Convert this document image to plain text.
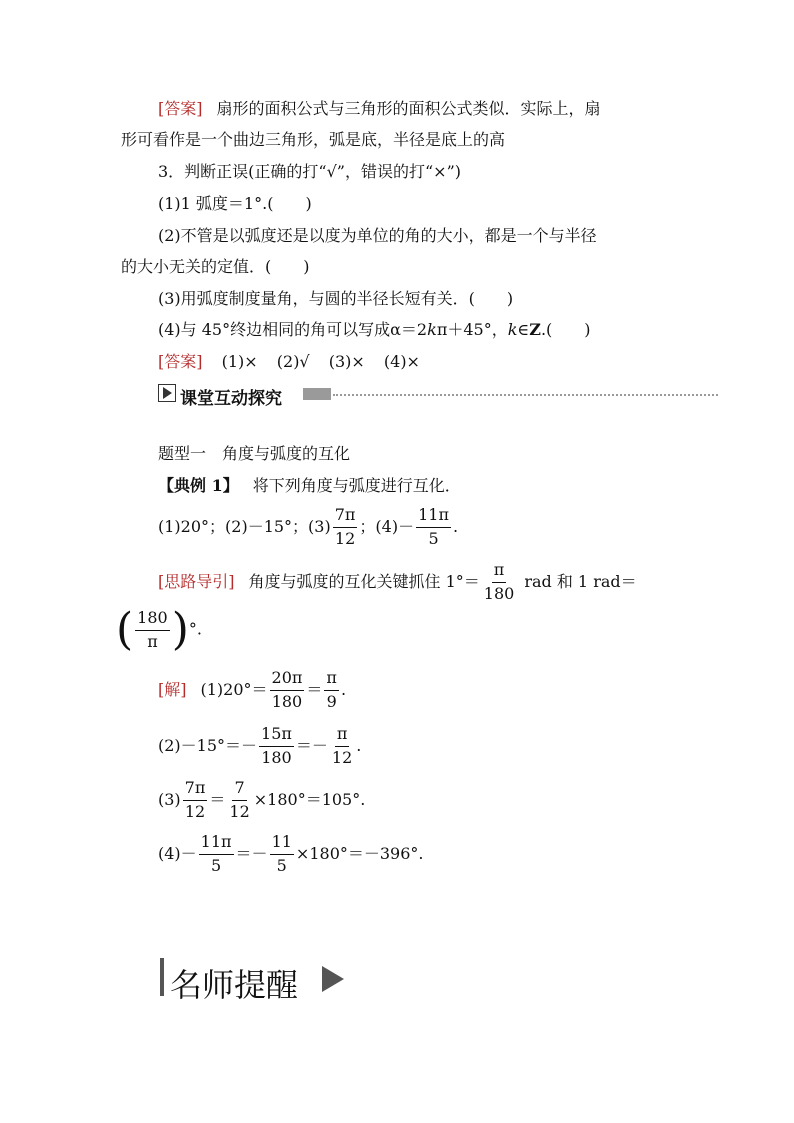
[答案] 扇形的面积公式与三角形的面积公式类似．实际上，扇
形可看作是一个曲边三角形，弧是底，半径是底上的高
3．判断正误(正确的打“√”，错误的打“×”)
(1)1 弧度＝1°.(　　)
(2)不管是以弧度还是以度为单位的角的大小，都是一个与半径
的大小无关的定值．(　　)
(3)用弧度制度量角，与圆的半径长短有关．(　　)
(4)与 45°终边相同的角可以写成α＝2kπ＋45°，k∈Z.(　　)
[答案] (1)× (2)√ (3)× (4)×
课堂互动探究
题型一　角度与弧度的互化
【典例 1】 将下列角度与弧度进行互化．
(1)20°；(2)－15°；$(3) \frac{7\pi}{12}$ ；$(4)- \frac{11\pi}{5}$ .
[思路导引] 角度与弧度的互化关键抓住 $1^\circ= \frac{\pi}{180}$ rad 和 1 rad＝
( $\frac{180}{\pi}$ )°.
[解] $(1)20^\circ= \frac{20\pi}{180} = \frac{\pi}{9}$ .
$(2)-15^\circ=- \frac{15\pi}{180} =- \frac{\pi}{12}$ .
$(3) \frac{7\pi}{12} = \frac{7}{12} \times 180^\circ=105^\circ$.
$(4)- \frac{11\pi}{5} =- \frac{11}{5} \times 180^\circ=-396^\circ$.
名师提醒
